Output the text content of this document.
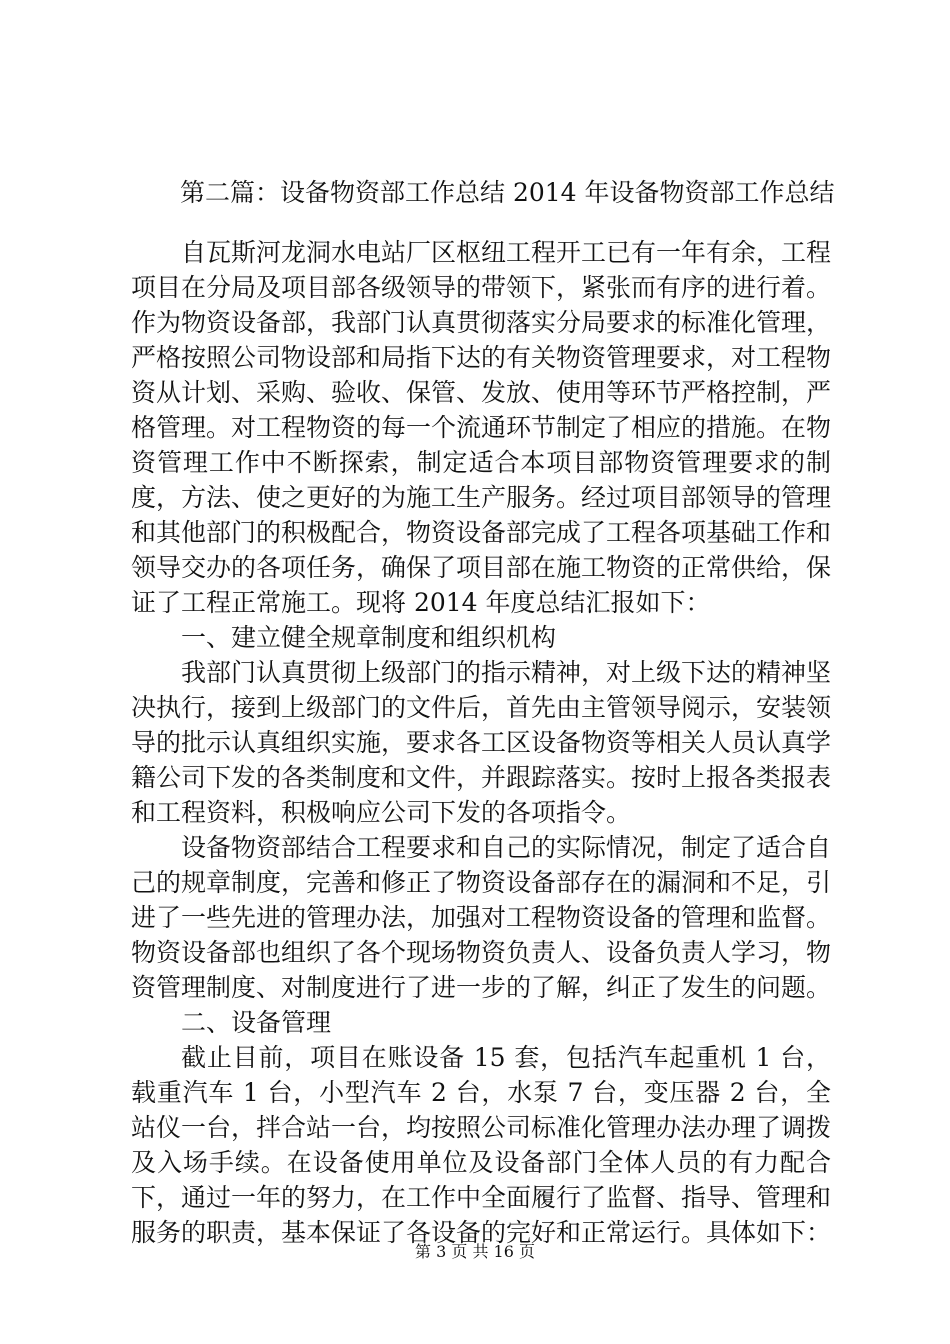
第二篇：设备物资部工作总结 2014 年设备物资部工作总结

自瓦斯河龙洞水电站厂区枢纽工程开工已有一年有余，工程项目在分局及项目部各级领导的带领下，紧张而有序的进行着。作为物资设备部，我部门认真贯彻落实分局要求的标准化管理，严格按照公司物设部和局指下达的有关物资管理要求，对工程物资从计划、采购、验收、保管、发放、使用等环节严格控制，严格管理。对工程物资的每一个流通环节制定了相应的措施。在物资管理工作中不断探索，制定适合本项目部物资管理要求的制度，方法、使之更好的为施工生产服务。经过项目部领导的管理和其他部门的积极配合，物资设备部完成了工程各项基础工作和领导交办的各项任务，确保了项目部在施工物资的正常供给，保证了工程正常施工。现将 2014 年度总结汇报如下：

一、建立健全规章制度和组织机构

我部门认真贯彻上级部门的指示精神，对上级下达的精神坚决执行，接到上级部门的文件后，首先由主管领导阅示，安装领导的批示认真组织实施，要求各工区设备物资等相关人员认真学籍公司下发的各类制度和文件，并跟踪落实。按时上报各类报表和工程资料，积极响应公司下发的各项指令。

设备物资部结合工程要求和自己的实际情况，制定了适合自己的规章制度，完善和修正了物资设备部存在的漏洞和不足，引进了一些先进的管理办法，加强对工程物资设备的管理和监督。物资设备部也组织了各个现场物资负责人、设备负责人学习，物资管理制度、对制度进行了进一步的了解，纠正了发生的问题。

二、设备管理

截止目前，项目在账设备 15 套，包括汽车起重机 1 台，载重汽车 1 台，小型汽车 2 台，水泵 7 台，变压器 2 台，全站仪一台，拌合站一台，均按照公司标准化管理办法办理了调拨及入场手续。在设备使用单位及设备部门全体人员的有力配合下，通过一年的努力，在工作中全面履行了监督、指导、管理和服务的职责，基本保证了各设备的完好和正常运行。具体如下：

第 3 页 共 16 页
